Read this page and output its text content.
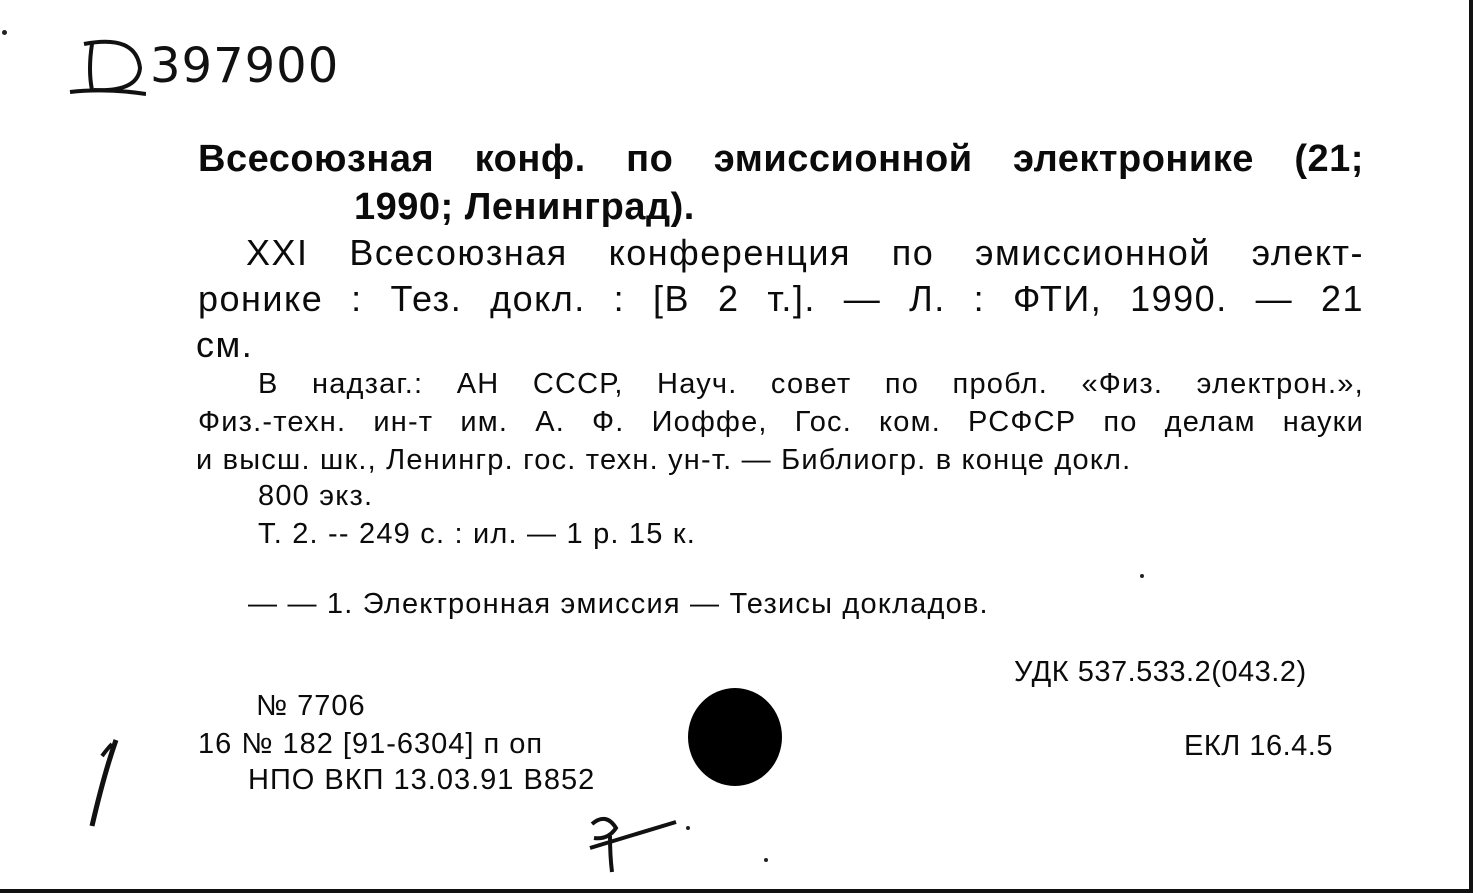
397900
Всесоюзная конф. по эмиссионной электронике (21;
1990; Ленинград).
XXI Всесоюзная конференция по эмиссионной элект-
ронике : Тез. докл. : [В 2 т.]. — Л. : ФТИ, 1990. — 21
см.
В надзаг.: АН СССР, Науч. совет по пробл. «Физ. электрон.»,
Физ.-техн. ин-т им. А. Ф. Иоффе, Гос. ком. РСФСР по делам науки
и высш. шк., Ленингр. гос. техн. ун-т. — Библиогр. в конце докл.
800 экз.
Т. 2. -- 249 с. : ил. — 1 р. 15 к.
— — 1. Электронная эмиссия — Тезисы докладов.
УДК 537.533.2(043.2)
ЕКЛ 16.4.5
№ 7706
16 № 182 [91-6304] п оп
НПО ВКП 13.03.91 В852
